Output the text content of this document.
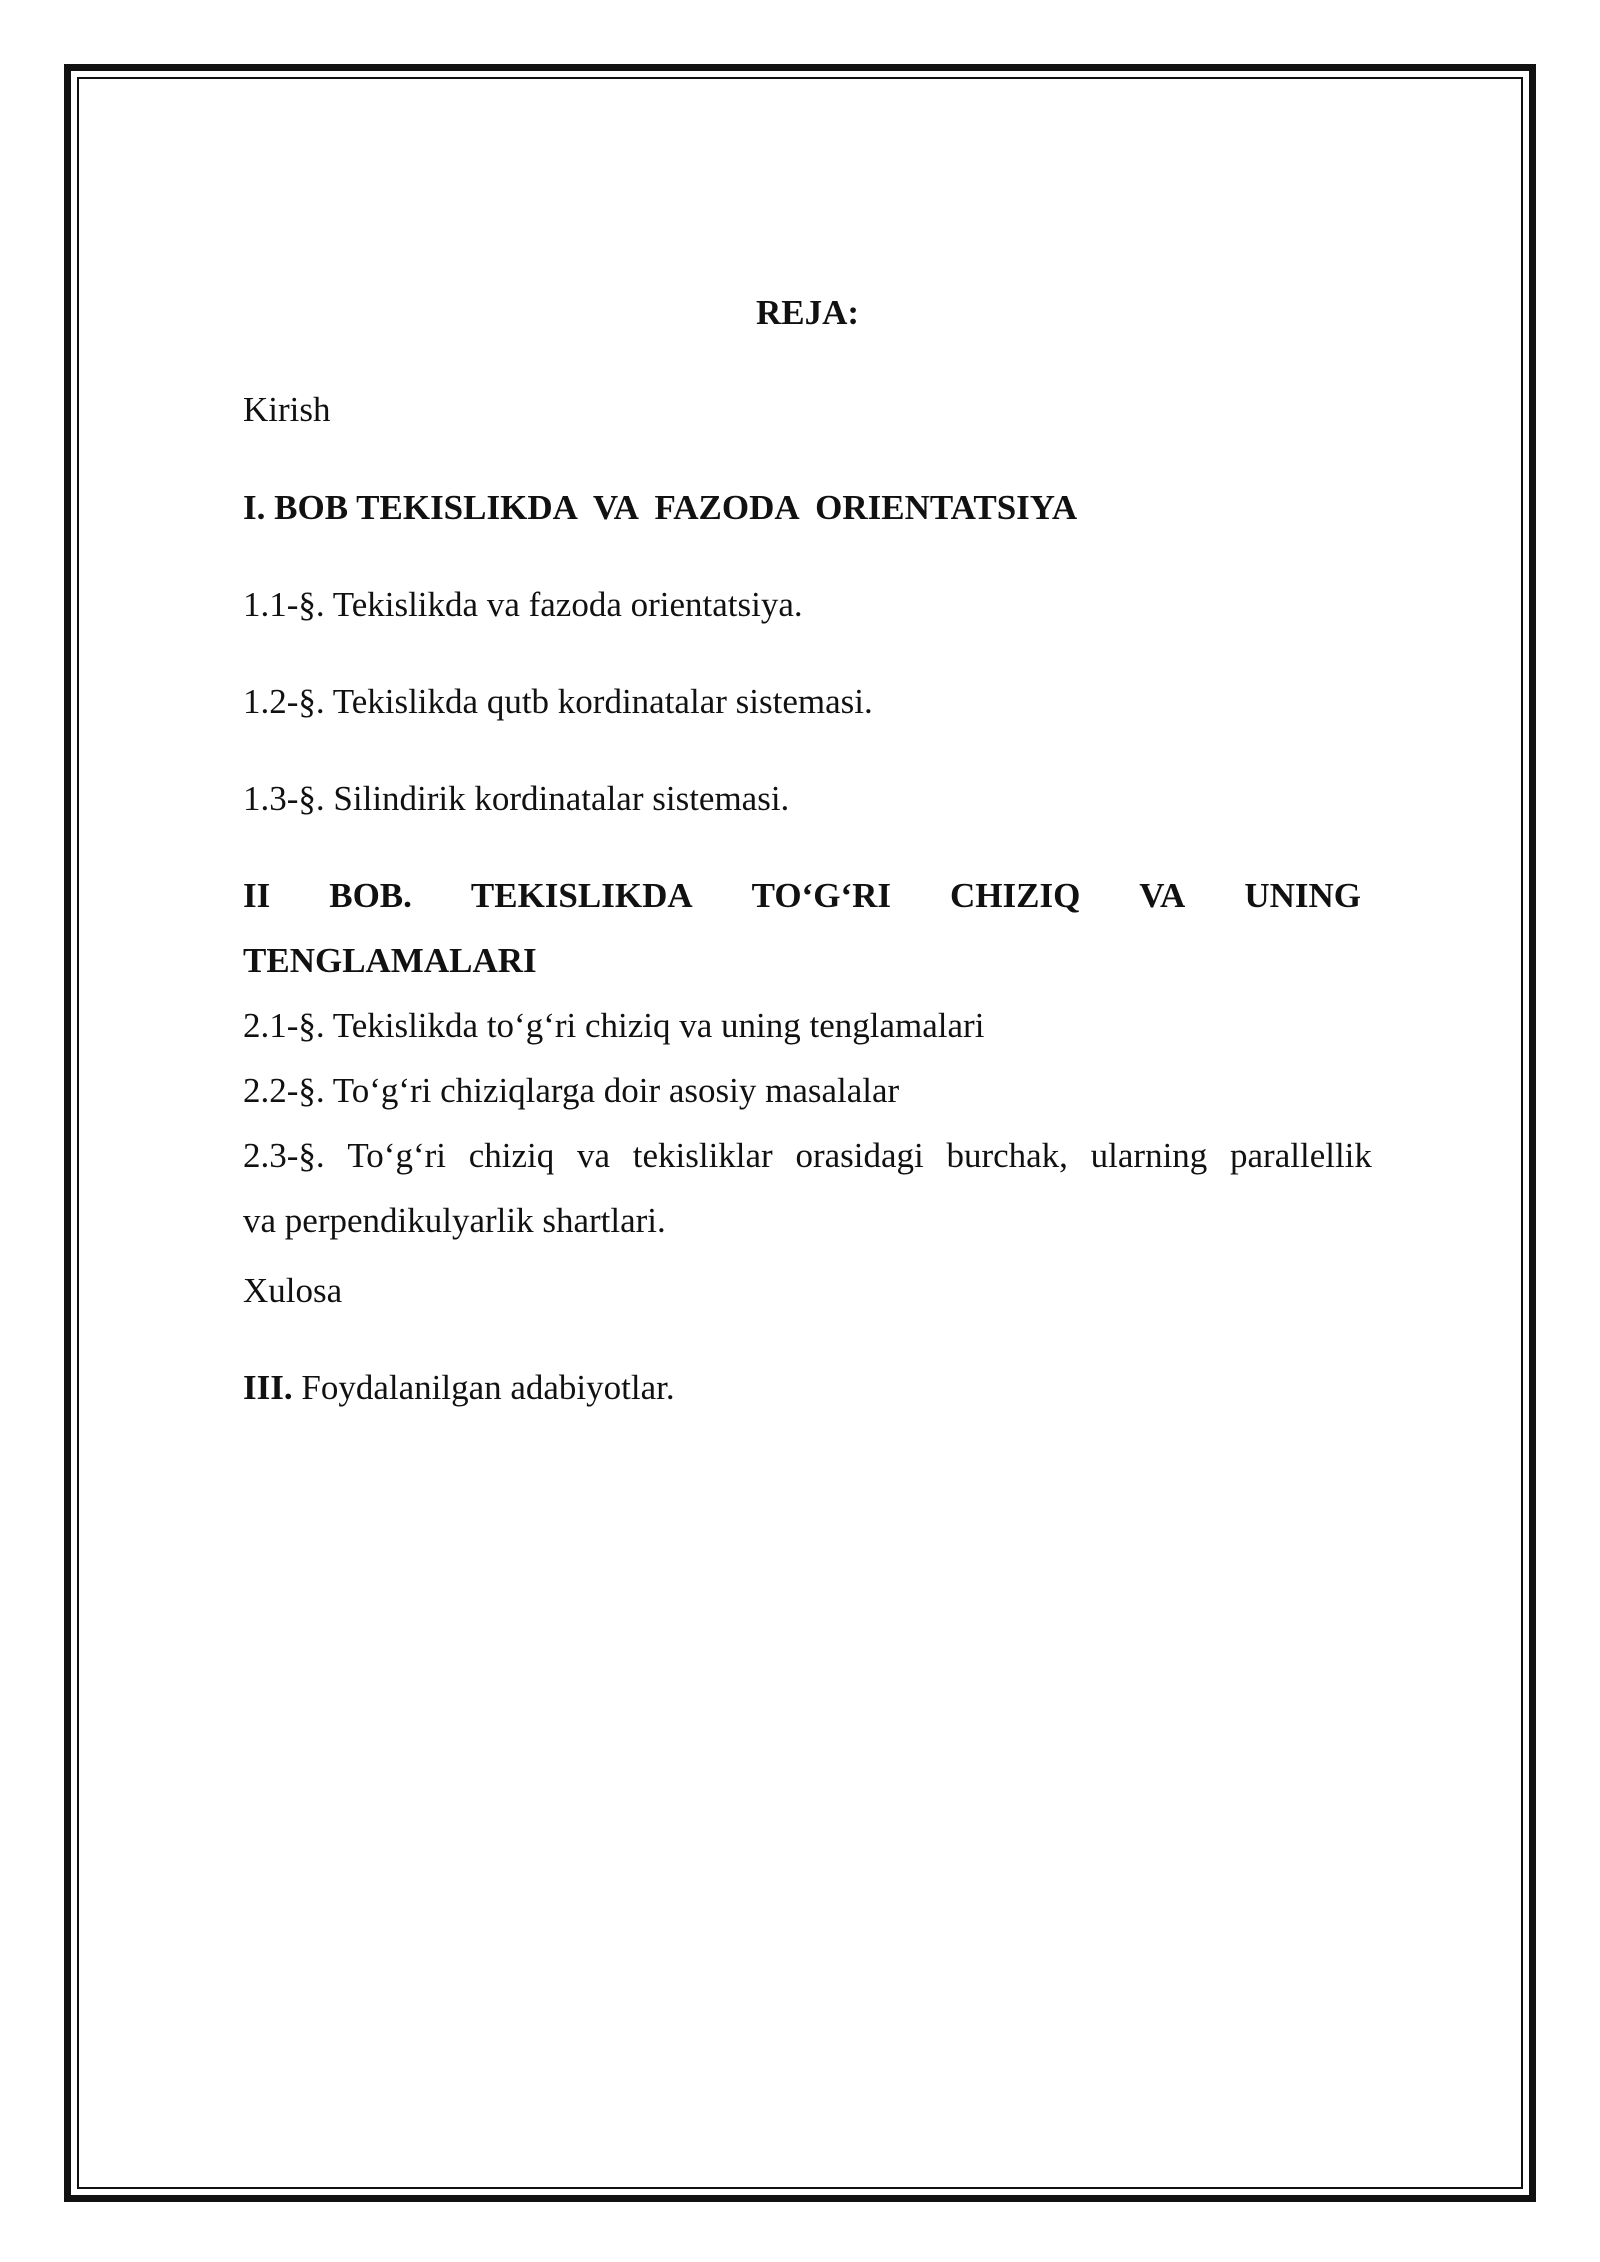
REJA:
Kirish
I. BOB TEKISLIKDA  VA  FAZODA  ORIENTATSIYA
1.1-§. Tekislikda va fazoda orientatsiya.
1.2-§. Tekislikda qutb kordinatalar sistemasi.
1.3-§. Silindirik kordinatalar sistemasi.
II BOB. TEKISLIKDA TO‘G‘RI CHIZIQ VA UNING
TENGLAMALARI
2.1-§. Tekislikda to‘g‘ri chiziq va uning tenglamalari
2.2-§. To‘g‘ri chiziqlarga doir asosiy masalalar
2.3-§. To‘g‘ri chiziq va tekisliklar orasidagi burchak, ularning parallellik
va perpendikulyarlik shartlari.
Xulosa
III. Foydalanilgan adabiyotlar.
